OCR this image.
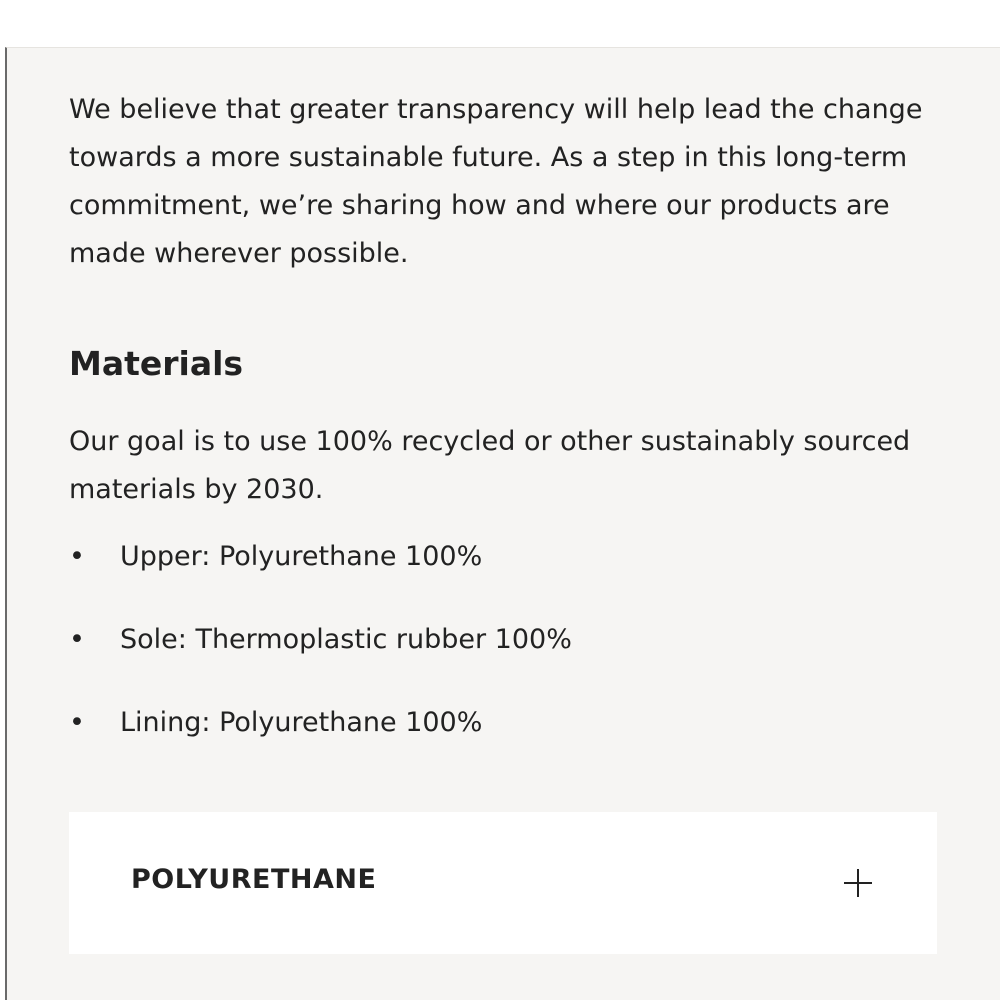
We believe that greater transparency will help lead the change towards a more sustainable future. As a step in this long-term commitment, we’re sharing how and where our products are made wherever possible.

Materials

Our goal is to use 100% recycled or other sustainably sourced materials by 2030.

• Upper: Polyurethane 100%
• Sole: Thermoplastic rubber 100%
• Lining: Polyurethane 100%
POLYURETHANE
